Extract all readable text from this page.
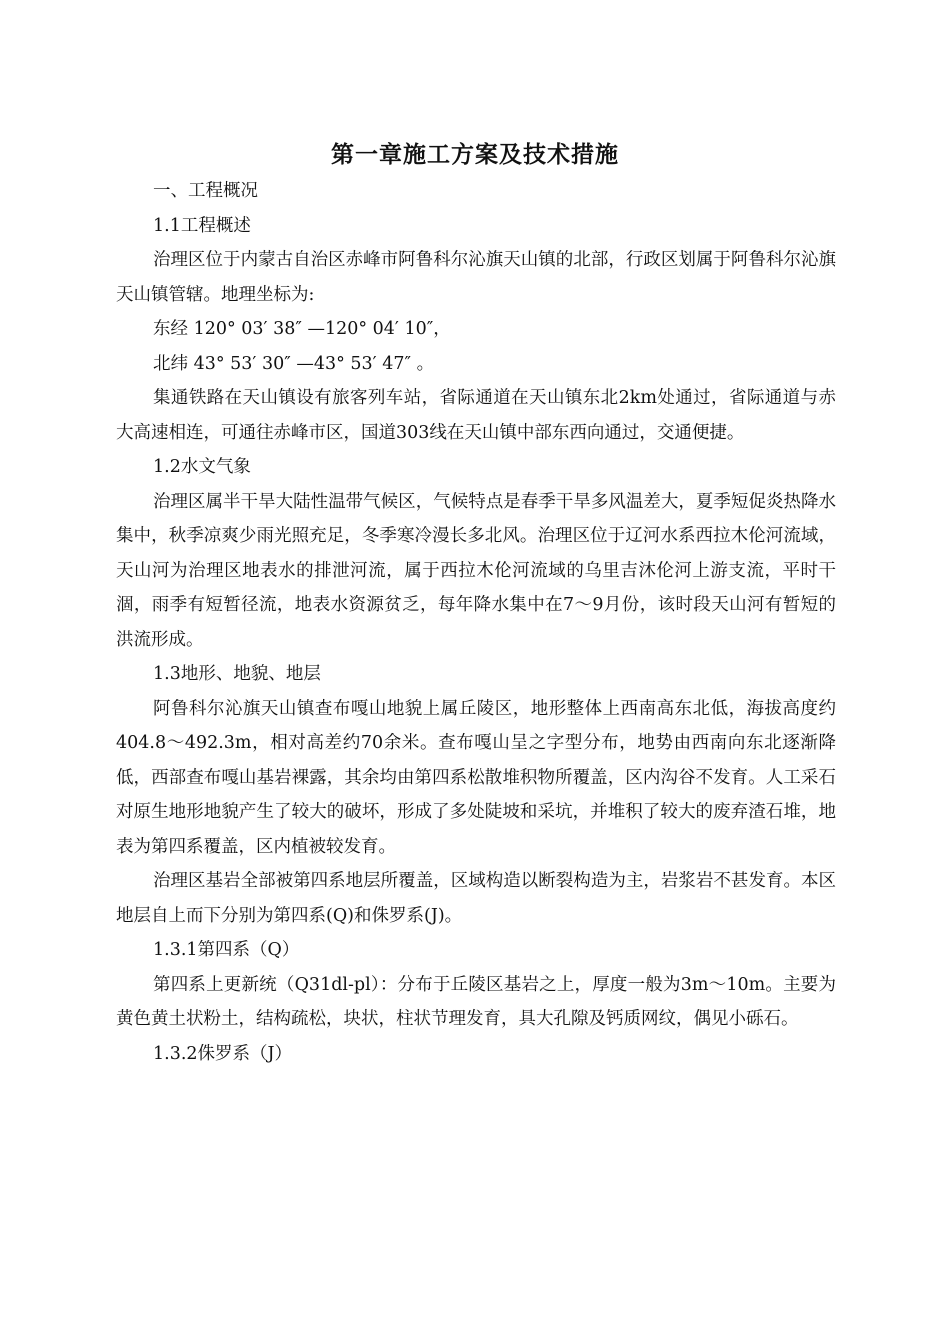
第一章施工方案及技术措施

一、工程概况

1.1工程概述

治理区位于内蒙古自治区赤峰市阿鲁科尔沁旗天山镇的北部，行政区划属于阿鲁科尔沁旗天山镇管辖。地理坐标为:

东经 120° 03′ 38″ —120° 04′ 10″，

北纬 43° 53′ 30″ —43° 53′ 47″ 。

集通铁路在天山镇设有旅客列车站，省际通道在天山镇东北2km处通过，省际通道与赤大高速相连，可通往赤峰市区，国道303线在天山镇中部东西向通过，交通便捷。

1.2水文气象

治理区属半干旱大陆性温带气候区，气候特点是春季干旱多风温差大，夏季短促炎热降水集中，秋季凉爽少雨光照充足，冬季寒冷漫长多北风。治理区位于辽河水系西拉木伦河流域，天山河为治理区地表水的排泄河流，属于西拉木伦河流域的乌里吉沐伦河上游支流，平时干涸，雨季有短暂径流，地表水资源贫乏，每年降水集中在7～9月份，该时段天山河有暂短的洪流形成。

1.3地形、地貌、地层

阿鲁科尔沁旗天山镇查布嘎山地貌上属丘陵区，地形整体上西南高东北低，海拔高度约404.8～492.3m，相对高差约70余米。查布嘎山呈之字型分布，地势由西南向东北逐渐降低，西部查布嘎山基岩裸露，其余均由第四系松散堆积物所覆盖，区内沟谷不发育。人工采石对原生地形地貌产生了较大的破坏，形成了多处陡坡和采坑，并堆积了较大的废弃渣石堆，地表为第四系覆盖，区内植被较发育。

治理区基岩全部被第四系地层所覆盖，区域构造以断裂构造为主，岩浆岩不甚发育。本区地层自上而下分别为第四系(Q)和侏罗系(J)。

1.3.1第四系（Q）

第四系上更新统（Q31dl-pl）：分布于丘陵区基岩之上，厚度一般为3m～10m。主要为黄色黄土状粉土，结构疏松，块状，柱状节理发育，具大孔隙及钙质网纹，偶见小砾石。

1.3.2侏罗系（J）
